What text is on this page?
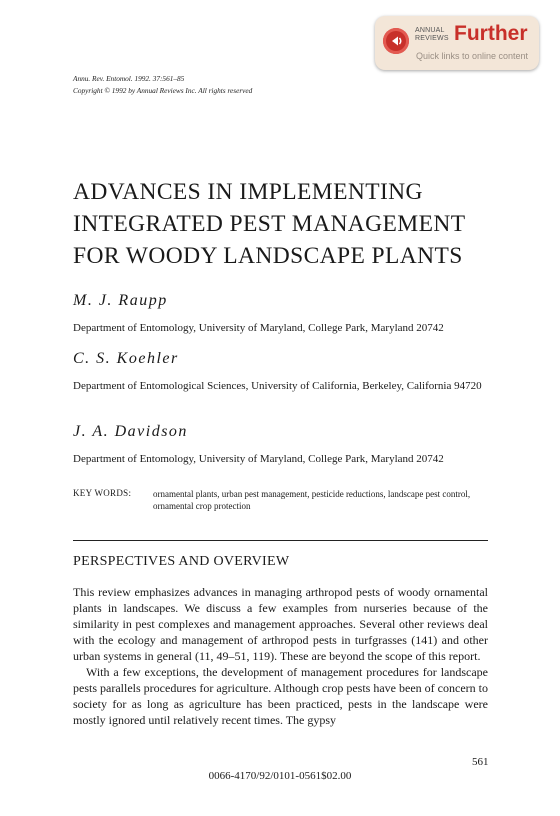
ANNUAL
REVIEWS Further
Quick links to online content
Annu. Rev. Entomol. 1992. 37:561–85
Copyright © 1992 by Annual Reviews Inc. All rights reserved
ADVANCES IN IMPLEMENTING INTEGRATED PEST MANAGEMENT FOR WOODY LANDSCAPE PLANTS
M. J. Raupp
Department of Entomology, University of Maryland, College Park, Maryland 20742
C. S. Koehler
Department of Entomological Sciences, University of California, Berkeley, California 94720
J. A. Davidson
Department of Entomology, University of Maryland, College Park, Maryland 20742
KEY WORDS: ornamental plants, urban pest management, pesticide reductions, landscape pest control, ornamental crop protection
PERSPECTIVES AND OVERVIEW

This review emphasizes advances in managing arthropod pests of woody ornamental plants in landscapes. We discuss a few examples from nurseries because of the similarity in pest complexes and management approaches. Several other reviews deal with the ecology and management of arthropod pests in turfgrasses (141) and other urban systems in general (11, 49–51, 119). These are beyond the scope of this report.

With a few exceptions, the development of management procedures for landscape pests parallels procedures for agriculture. Although crop pests have been of concern to society for as long as agriculture has been practiced, pests in the landscape were mostly ignored until relatively recent times. The gypsy

561
0066-4170/92/0101-0561$02.00
